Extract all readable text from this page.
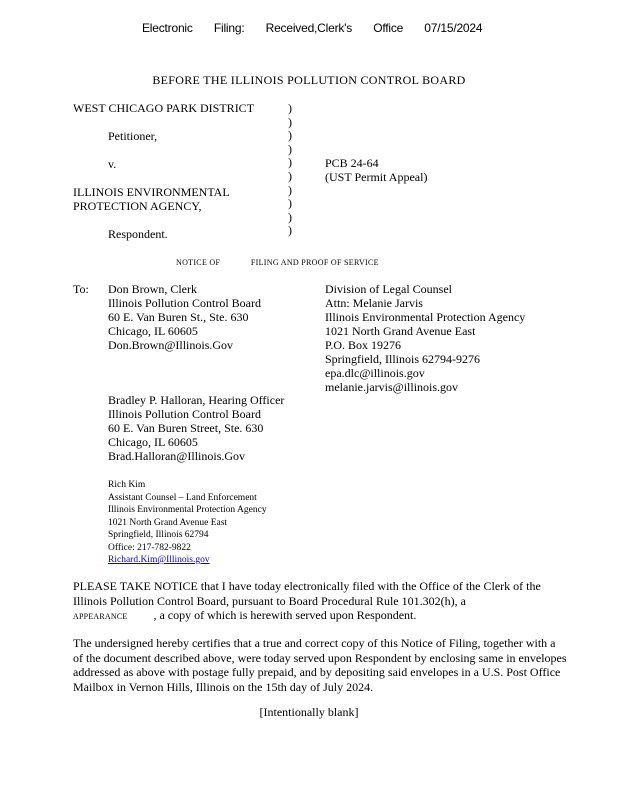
Electronic Filing: Received,Clerk's Office 07/15/2024
BEFORE THE ILLINOIS POLLUTION CONTROL BOARD
WEST CHICAGO PARK DISTRICT
Petitioner,
v.
ILLINOIS ENVIRONMENTAL
PROTECTION AGENCY,
Respondent.
)
)
)
)
)
)
)
)
)
)
PCB 24-64
(UST Permit Appeal)
NOTICE OF	FILING AND PROOF OF SERVICE
To: Don Brown, Clerk
Illinois Pollution Control Board
60 E. Van Buren St., Ste. 630
Chicago, IL 60605
Don.Brown@Illinois.Gov
Division of Legal Counsel
Attn: Melanie Jarvis
Illinois Environmental Protection Agency
1021 North Grand Avenue East
P.O. Box 19276
Springfield, Illinois 62794-9276
epa.dlc@illinois.gov
melanie.jarvis@illinois.gov
Bradley P. Halloran, Hearing Officer
Illinois Pollution Control Board
60 E. Van Buren Street, Ste. 630
Chicago, IL 60605
Brad.Halloran@Illinois.Gov
Rich Kim
Assistant Counsel – Land Enforcement
Illinois Environmental Protection Agency
1021 North Grand Avenue East
Springfield, Illinois 62794
Office: 217-782-9822
Richard.Kim@Illinois.gov
PLEASE TAKE NOTICE that I have today electronically filed with the Office of the Clerk of the
Illinois Pollution Control Board, pursuant to Board Procedural Rule 101.302(h), a
APPEARANCE , a copy of which is herewith served upon Respondent.
The undersigned hereby certifies that a true and correct copy of this Notice of Filing, together with a
of the document described above, were today served upon Respondent by enclosing same in envelopes
addressed as above with postage fully prepaid, and by depositing said envelopes in a U.S. Post Office
Mailbox in Vernon Hills, Illinois on the 15th day of July 2024.
[Intentionally blank]
